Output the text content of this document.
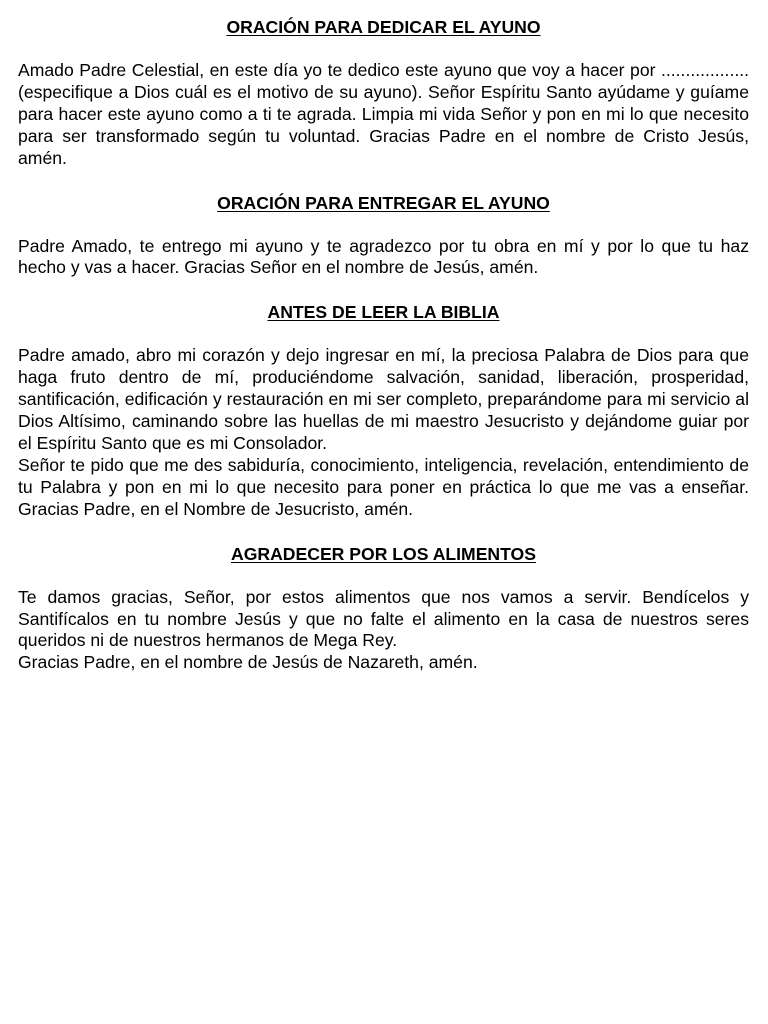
ORACIÓN PARA DEDICAR EL AYUNO

Amado Padre Celestial, en este día yo te dedico este ayuno que voy a hacer por .................. (especifique a Dios cuál es el motivo de su ayuno). Señor Espíritu Santo ayúdame y guíame para hacer este ayuno como a ti te agrada. Limpia mi vida Señor y pon en mi lo que necesito para ser transformado según tu voluntad. Gracias Padre en el nombre de Cristo Jesús, amén.

ORACIÓN PARA ENTREGAR EL AYUNO

Padre Amado, te entrego mi ayuno y te agradezco por tu obra en mí y por lo que tu haz hecho y vas a hacer. Gracias Señor en el nombre de Jesús, amén.

ANTES DE LEER LA BIBLIA

Padre amado, abro mi corazón y dejo ingresar en mí, la preciosa Palabra de Dios para que haga fruto dentro de mí, produciéndome salvación, sanidad, liberación, prosperidad, santificación, edificación y restauración en mi ser completo, preparándome para mi servicio al Dios Altísimo, caminando sobre las huellas de mi maestro Jesucristo y dejándome guiar por el Espíritu Santo que es mi Consolador.

Señor te pido que me des sabiduría, conocimiento, inteligencia, revelación, entendimiento de tu Palabra y pon en mi lo que necesito para poner en práctica lo que me vas a enseñar. Gracias Padre, en el Nombre de Jesucristo, amén.

AGRADECER POR LOS ALIMENTOS

Te damos gracias, Señor, por estos alimentos que nos vamos a servir. Bendícelos y Santifícalos en tu nombre Jesús y que no falte el alimento en la casa de nuestros seres queridos ni de nuestros hermanos de Mega Rey.

Gracias Padre, en el nombre de Jesús de Nazareth, amén.
